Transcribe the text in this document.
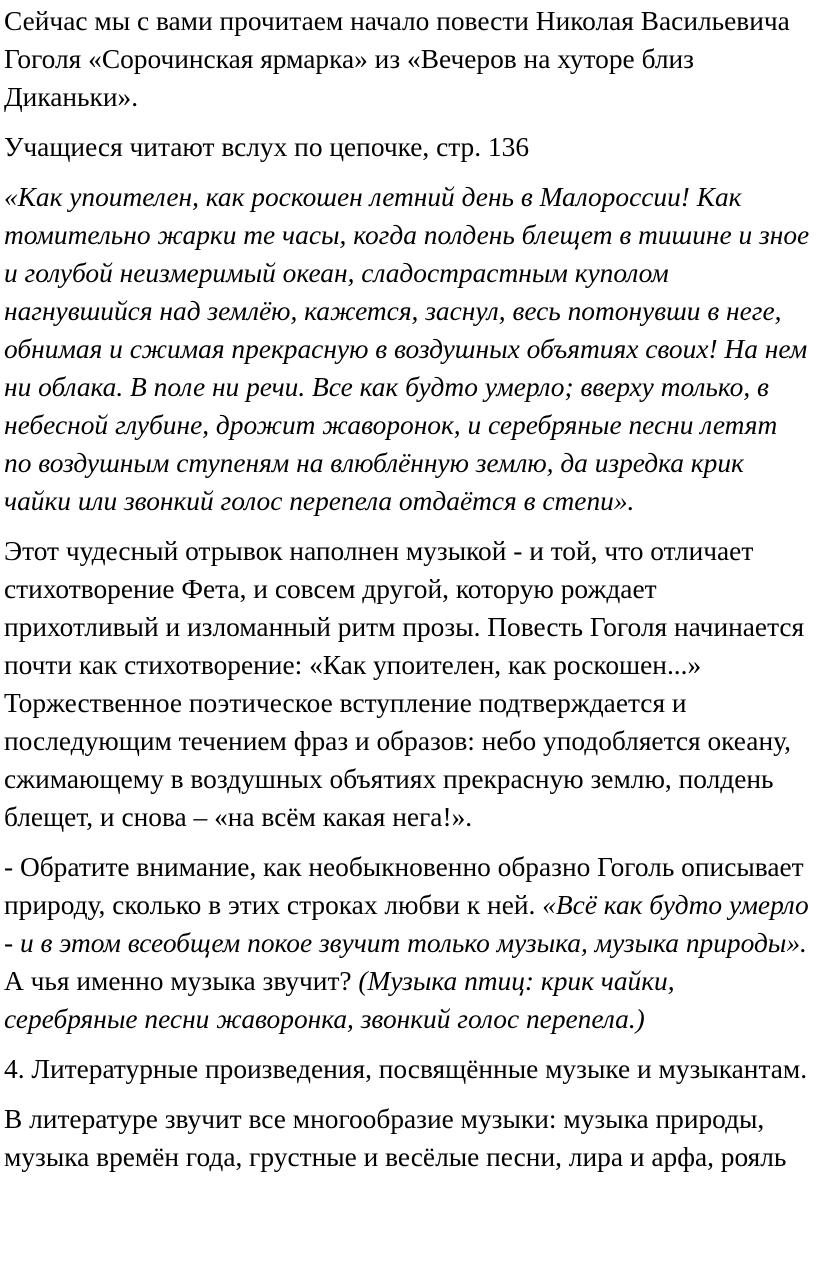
Сейчас мы с вами прочитаем начало повести Николая Васильевича Гоголя «Сорочинская ярмарка» из «Вечеров на хуторе близ Диканьки».

Учащиеся читают вслух по цепочке, стр. 136

«Как упоителен, как роскошен летний день в Малороссии! Как томительно жарки те часы, когда полдень блещет в тишине и зное и голубой неизмеримый океан, сладострастным куполом нагнувшийся над землёю, кажется, заснул, весь потонувши в неге, обнимая и сжимая прекрасную в воздушных объятиях своих! На нем ни облака. В поле ни речи. Все как будто умерло; вверху только, в небесной глубине, дрожит жаворонок, и серебряные песни летят по воздушным ступеням на влюблённую землю, да изредка крик чайки или звонкий голос перепела отдаётся в степи».

Этот чудесный отрывок наполнен музыкой - и той, что отличает стихотворение Фета, и совсем другой, которую рождает прихотливый и изломанный ритм прозы. Повесть Гоголя начинается почти как стихотворение: «Как упоителен, как роскошен...» Торжественное поэтическое вступление подтверждается и последующим течением фраз и образов: небо уподобляется океану, сжимающему в воздушных объятиях прекрасную землю, полдень блещет, и снова – «на всём какая нега!».

- Обратите внимание, как необыкновенно образно Гоголь описывает природу, сколько в этих строках любви к ней. «Всё как будто умерло - и в этом всеобщем покое звучит только музыка, музыка природы». А чья именно музыка звучит? (Музыка птиц: крик чайки, серебряные песни жаворонка, звонкий голос перепела.)

4. Литературные произведения, посвящённые музыке и музыкантам.

В литературе звучит все многообразие музыки: музыка природы, музыка времён года, грустные и весёлые песни, лира и арфа, рояль
